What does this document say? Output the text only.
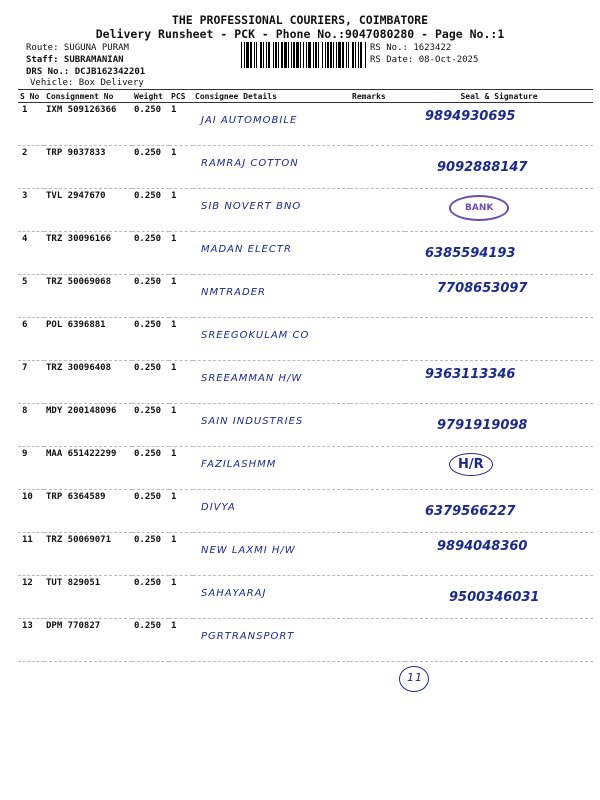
THE PROFESSIONAL COURIERS, COIMBATORE
Delivery Runsheet - PCK - Phone No.:9047080280 - Page No.:1
Route: SUGUNA PURAM
Staff: SUBRAMANIAN
DRS No.: DCJB162342201
RS No.: 1623422
RS Date: 08-Oct-2025
Vehicle: Box Delivery
S No	Consignment No	Weight	PCS	Consignee Details	Remarks	Seal & Signature
1	IXM 509126366	0.250	1	JAI AUTOMOBILE		9894930695

2	TRP 9037833	0.250	1	RAMRAJ COTTON		9092888147

3	TVL 2947670	0.250	1	SIB NOVERT BNO		BANK

4	TRZ 30096166	0.250	1	MADAN ELECTR		6385594193

5	TRZ 50069068	0.250	1	NMTRADER		7708653097

6	POL 6396881	0.250	1	SREEGOKULAM CO		

7	TRZ 30096408	0.250	1	SREEAMMAN H/W		9363113346

8	MDY 200148096	0.250	1	SAIN INDUSTRIES		9791919098

9	MAA 651422299	0.250	1	FAZILASHMM		H/R

10	TRP 6364589	0.250	1	DIVYA		6379566227

11	TRZ 50069071	0.250	1	NEW LAXMI H/W		9894048360

12	TUT 829051	0.250	1	SAHAYARAJ		9500346031

13	DPM 770827	0.250	1	PGRTRANSPORT		

11
